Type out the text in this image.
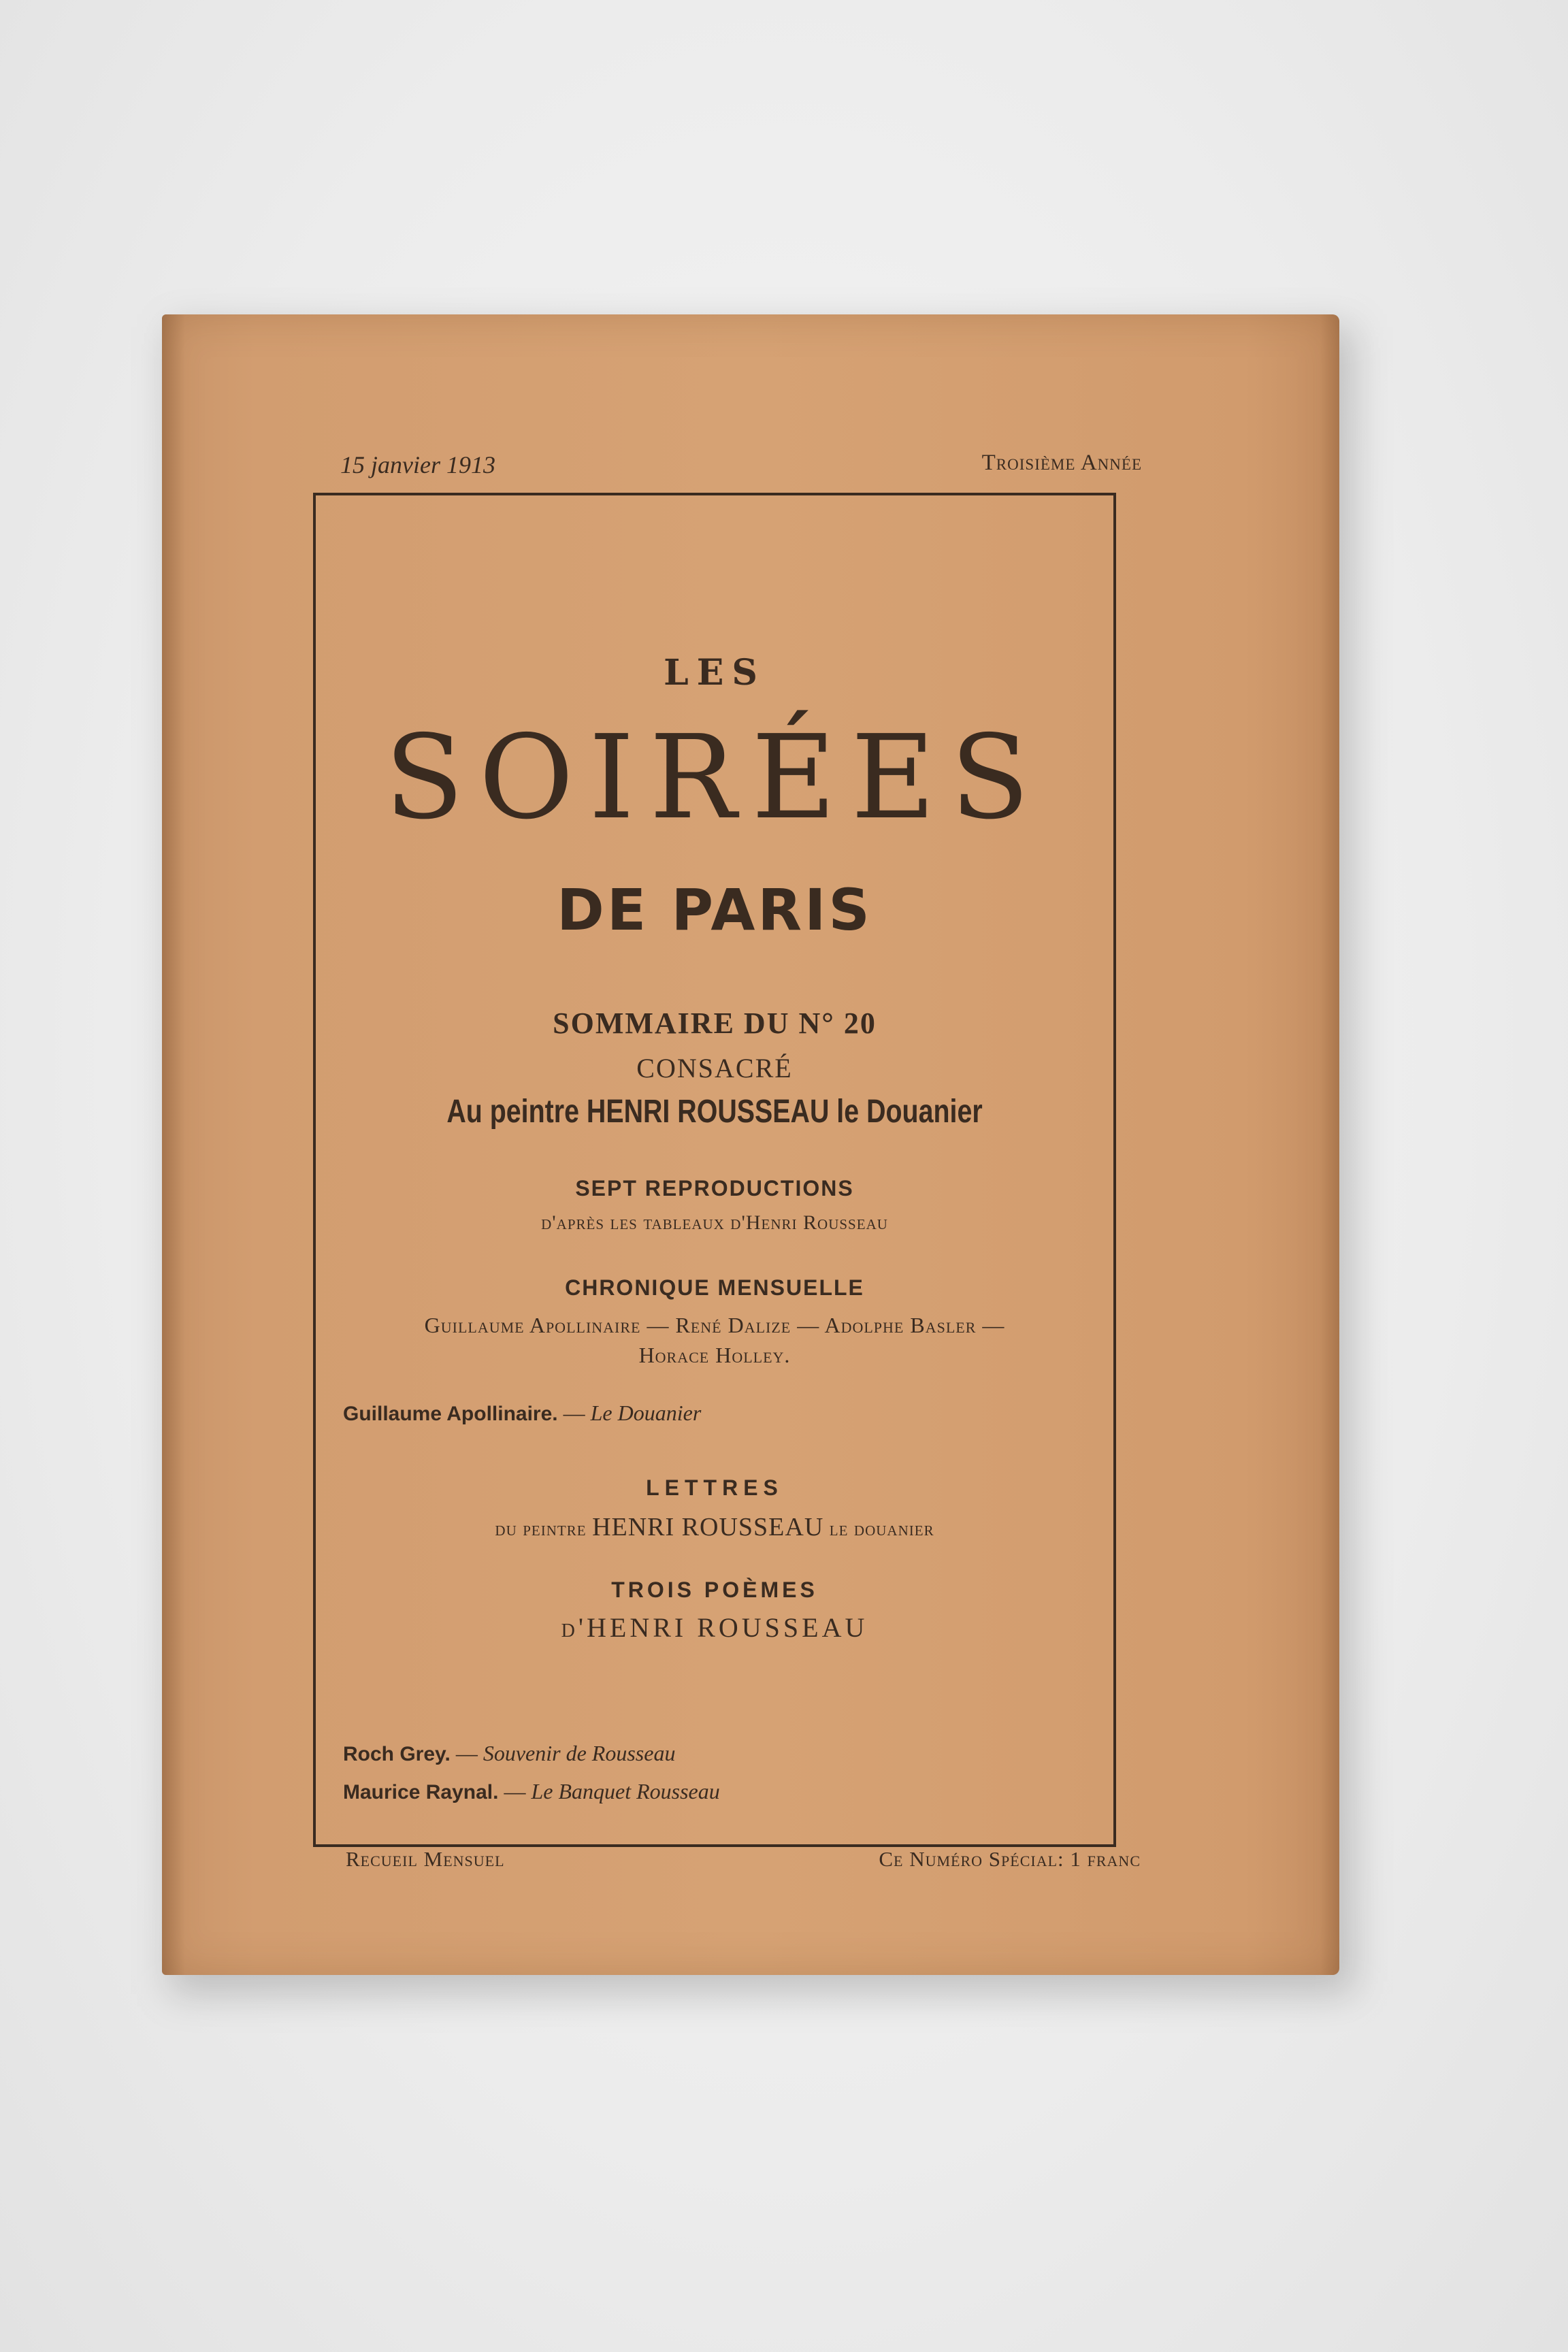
15 janvier 1913	Troisième Année
LES
SOIRÉES
DE PARIS
SOMMAIRE DU N° 20
CONSACRÉ
Au peintre HENRI ROUSSEAU le Douanier
SEPT REPRODUCTIONS
d'après les tableaux d'Henri Rousseau
CHRONIQUE MENSUELLE
Guillaume Apollinaire — René Dalize — Adolphe Basler —
Horace Holley.
Guillaume Apollinaire. — Le Douanier
LETTRES
du peintre HENRI ROUSSEAU le douanier
TROIS POÈMES
d'HENRI ROUSSEAU
Roch Grey. — Souvenir de Rousseau
Maurice Raynal. — Le Banquet Rousseau
Recueil Mensuel	Ce Numéro Spécial: 1 franc
